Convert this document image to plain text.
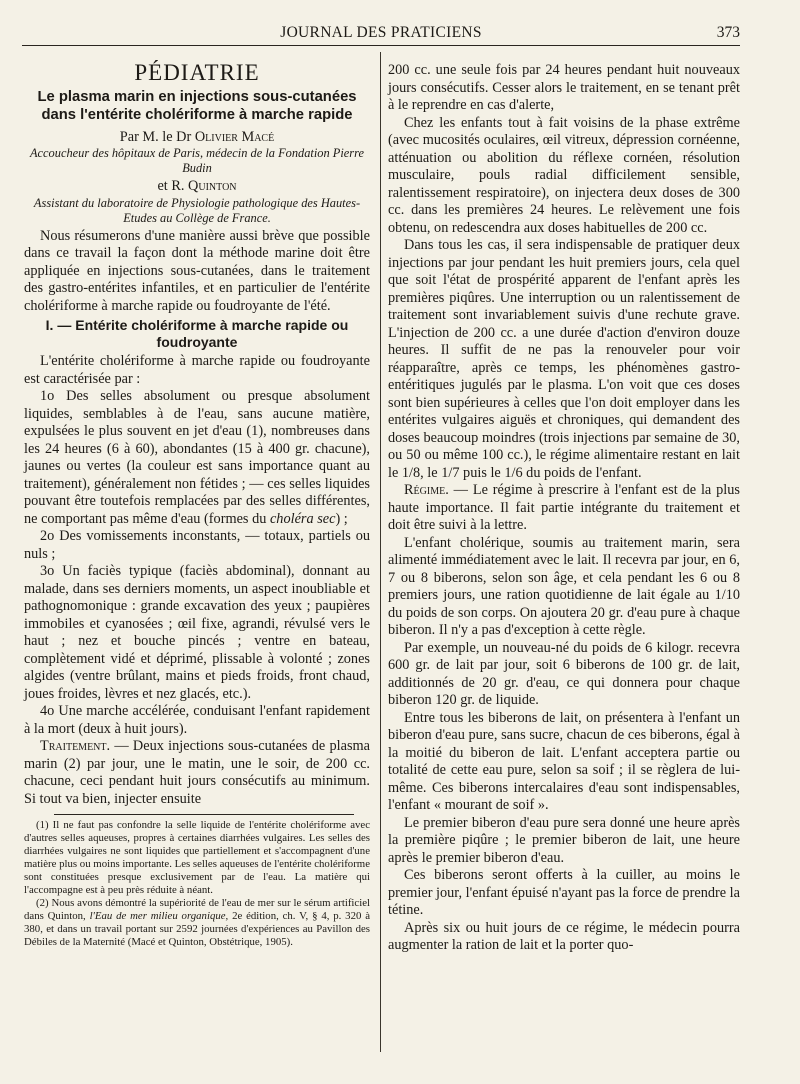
JOURNAL DES PRATICIENS	373
PÉDIATRIE
Le plasma marin en injections sous-cutanées dans l'entérite cholériforme à marche rapide
Par M. le Dr Olivier Macé
Accoucheur des hôpitaux de Paris, médecin de la Fondation Pierre Budin
et R. Quinton
Assistant du laboratoire de Physiologie pathologique des Hautes-Etudes au Collège de France.

Nous résumerons d'une manière aussi brève que possible dans ce travail la façon dont la méthode marine doit être appliquée en injections sous-cutanées, dans le traitement des gastro-entérites infantiles, et en particulier de l'entérite cholériforme à marche rapide ou foudroyante de l'été.

I. — Entérite cholériforme à marche rapide ou foudroyante

L'entérite cholériforme à marche rapide ou foudroyante est caractérisée par :

1o Des selles absolument ou presque absolument liquides, semblables à de l'eau, sans aucune matière, expulsées le plus souvent en jet d'eau (1), nombreuses dans les 24 heures (6 à 60), abondantes (15 à 400 gr. chacune), jaunes ou vertes (la couleur est sans importance quant au traitement), généralement non fétides ; — ces selles liquides pouvant être toutefois remplacées par des selles différentes, ne comportant pas même d'eau (formes du choléra sec) ;

2o Des vomissements inconstants, — totaux, partiels ou nuls ;

3o Un faciès typique (faciès abdominal), donnant au malade, dans ses derniers moments, un aspect inoubliable et pathognomonique : grande excavation des yeux ; paupières immobiles et cyanosées ; œil fixe, agrandi, révulsé vers le haut ; nez et bouche pincés ; ventre en bateau, complètement vidé et déprimé, plissable à volonté ; zones algides (ventre brûlant, mains et pieds froids, front chaud, joues froides, lèvres et nez glacés, etc.).

4o Une marche accélérée, conduisant l'enfant rapidement à la mort (deux à huit jours).

Traitement. — Deux injections sous-cutanées de plasma marin (2) par jour, une le matin, une le soir, de 200 cc. chacune, ceci pendant huit jours consécutifs au minimum. Si tout va bien, injecter ensuite

(1) Il ne faut pas confondre la selle liquide de l'entérite cholériforme avec d'autres selles aqueuses, propres à certaines diarrhées vulgaires. Les selles des diarrhées vulgaires ne sont liquides que partiellement et s'accompagnent d'une matière plus ou moins importante. Les selles aqueuses de l'entérite cholériforme sont constituées presque exclusivement par de l'eau. La matière qui l'accompagne est à peu près réduite à néant.

(2) Nous avons démontré la supériorité de l'eau de mer sur le sérum artificiel dans Quinton, l'Eau de mer milieu organique, 2e édition, ch. V, § 4, p. 320 à 380, et dans un travail portant sur 2592 journées d'expériences au Pavillon des Débiles de la Maternité (Macé et Quinton, Obstétrique, 1905).

200 cc. une seule fois par 24 heures pendant huit nouveaux jours consécutifs. Cesser alors le traitement, en se tenant prêt à le reprendre en cas d'alerte,

Chez les enfants tout à fait voisins de la phase extrême (avec mucosités oculaires, œil vitreux, dépression cornéenne, atténuation ou abolition du réflexe cornéen, résolution musculaire, pouls radial difficilement sensible, ralentissement respiratoire), on injectera deux doses de 300 cc. dans les premières 24 heures. Le relèvement une fois obtenu, on redescendra aux doses habituelles de 200 cc.

Dans tous les cas, il sera indispensable de pratiquer deux injections par jour pendant les huit premiers jours, cela quel que soit l'état de prospérité apparent de l'enfant après les premières piqûres. Une interruption ou un ralentissement de traitement sont invariablement suivis d'une rechute grave. L'injection de 200 cc. a une durée d'action d'environ douze heures. Il suffit de ne pas la renouveler pour voir réapparaître, après ce temps, les phénomènes gastro-entéritiques jugulés par le plasma. L'on voit que ces doses sont bien supérieures à celles que l'on doit employer dans les entérites vulgaires aiguës et chroniques, qui demandent des doses beaucoup moindres (trois injections par semaine de 30, ou 50 ou même 100 cc.), le régime alimentaire restant en lait le 1/8, le 1/7 puis le 1/6 du poids de l'enfant.

Régime. — Le régime à prescrire à l'enfant est de la plus haute importance. Il fait partie intégrante du traitement et doit être suivi à la lettre.

L'enfant cholérique, soumis au traitement marin, sera alimenté immédiatement avec le lait. Il recevra par jour, en 6, 7 ou 8 biberons, selon son âge, et cela pendant les 6 ou 8 premiers jours, une ration quotidienne de lait égale au 1/10 du poids de son corps. On ajoutera 20 gr. d'eau pure à chaque biberon. Il n'y a pas d'exception à cette règle.

Par exemple, un nouveau-né du poids de 6 kilogr. recevra 600 gr. de lait par jour, soit 6 biberons de 100 gr. de lait, additionnés de 20 gr. d'eau, ce qui donnera pour chaque biberon 120 gr. de liquide.

Entre tous les biberons de lait, on présentera à l'enfant un biberon d'eau pure, sans sucre, chacun de ces biberons, égal à la moitié du biberon de lait. L'enfant acceptera partie ou totalité de cette eau pure, selon sa soif ; il se règlera de lui-même. Ces biberons intercalaires d'eau sont indispensables, l'enfant « mourant de soif ».

Le premier biberon d'eau pure sera donné une heure après la première piqûre ; le premier biberon de lait, une heure après le premier biberon d'eau.

Ces biberons seront offerts à la cuiller, au moins le premier jour, l'enfant épuisé n'ayant pas la force de prendre la tétine.

Après six ou huit jours de ce régime, le médecin pourra augmenter la ration de lait et la porter quo-
